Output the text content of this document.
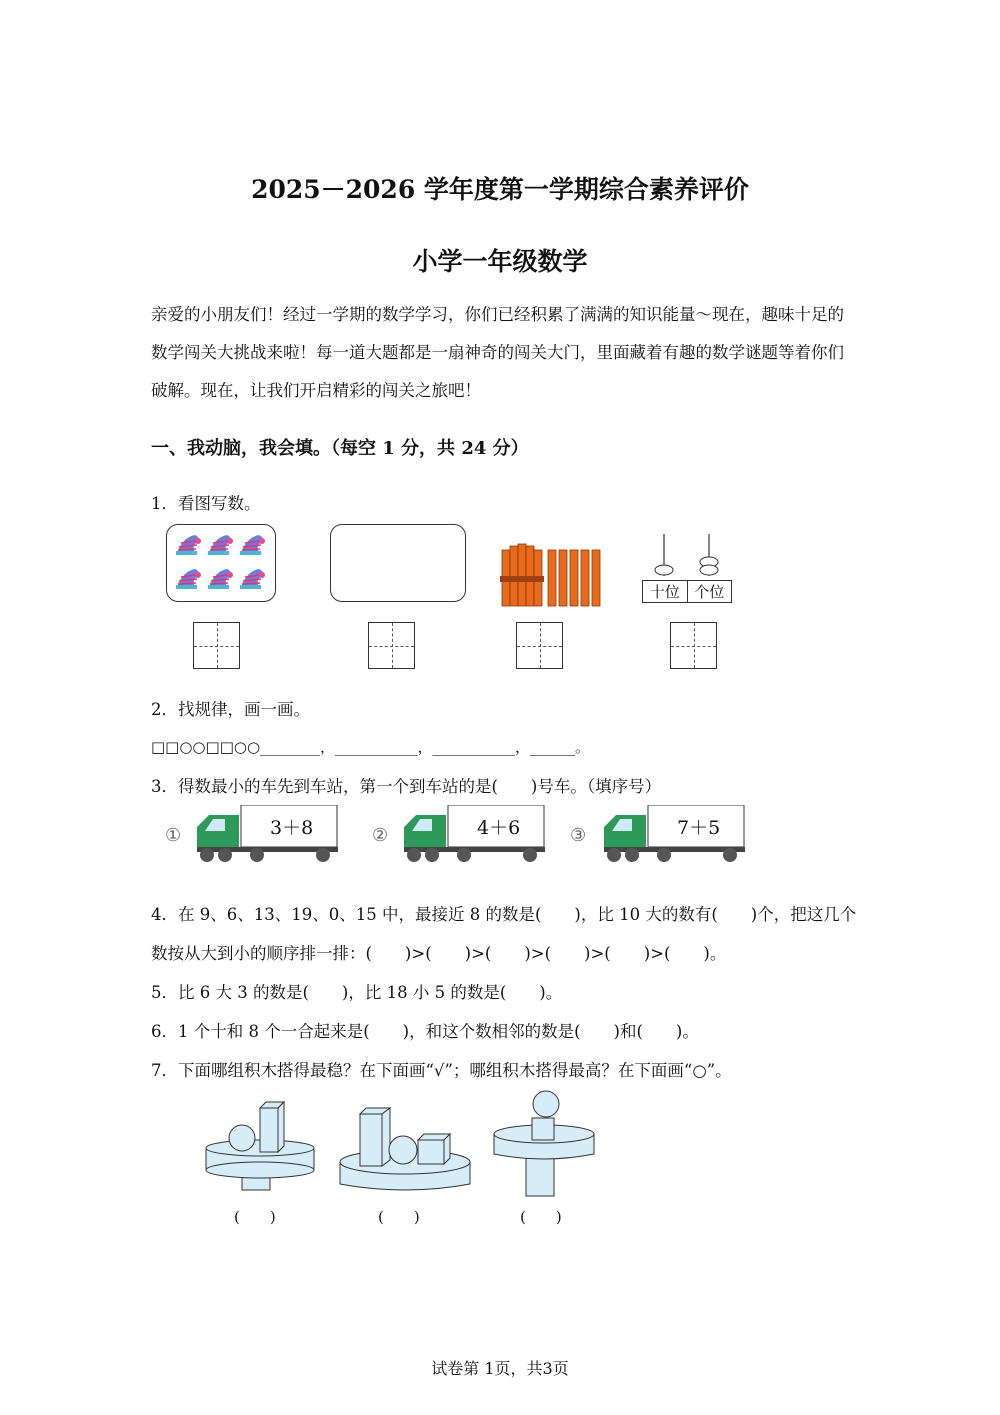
2025－2026 学年度第一学期综合素养评价
小学一年级数学
亲爱的小朋友们！经过一学期的数学学习，你们已经积累了满满的知识能量～现在，趣味十足的数学闯关大挑战来啦！每一道大题都是一扇神奇的闯关大门，里面藏着有趣的数学谜题等着你们破解。现在，让我们开启精彩的闯关之旅吧！
一、我动脑，我会填。（每空 1 分，共 24 分）
1．看图写数。
十位 个位
2．找规律，画一画。
□□○○□□○○________，___________，___________，______。
3．得数最小的车先到车站，第一个到车站的是(　　)号车。（填序号）
①	3＋8	②	4＋6	③	7＋5
4．在 9、6、13、19、0、15 中，最接近 8 的数是(　　)，比 10 大的数有(　　)个，把这几个
数按从大到小的顺序排一排：(　　)>(　　)>(　　)>(　　)>(　　)>(　　)。
5．比 6 大 3 的数是(　　)，比 18 小 5 的数是(　　)。
6．1 个十和 8 个一合起来是(　　)，和这个数相邻的数是(　　)和(　　)。
7．下面哪组积木搭得最稳？在下面画“√”；哪组积木搭得最高？在下面画“○”。
(　　)	(　　)	(　　)
试卷第 1页，共3页
